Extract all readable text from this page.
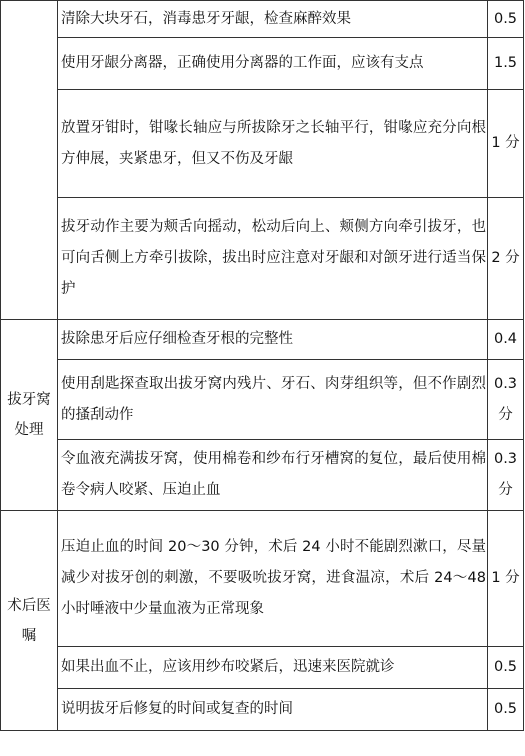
	清除大块牙石，消毒患牙牙龈，检查麻醉效果	0.5
	使用牙龈分离器，正确使用分离器的工作面，应该有支点	1.5
	放置牙钳时，钳喙长轴应与所拔除牙之长轴平行，钳喙应充分向根方伸展，夹紧患牙，但又不伤及牙龈	1 分
	拔牙动作主要为颊舌向摇动，松动后向上、颊侧方向牵引拔牙，也可向舌侧上方牵引拔除，拔出时应注意对牙龈和对颌牙进行适当保护	2 分
拔牙窝处理	拔除患牙后应仔细检查牙根的完整性	0.4
	使用刮匙探查取出拔牙窝内残片、牙石、肉芽组织等，但不作剧烈的搔刮动作	0.3 分
	令血液充满拔牙窝，使用棉卷和纱布行牙槽窝的复位，最后使用棉卷令病人咬紧、压迫止血	0.3 分
术后医嘱	压迫止血的时间 20～30 分钟，术后 24 小时不能剧烈漱口，尽量减少对拔牙创的刺激，不要吸吮拔牙窝，进食温凉，术后 24～48 小时唾液中少量血液为正常现象	1 分
	如果出血不止，应该用纱布咬紧后，迅速来医院就诊	0.5
	说明拔牙后修复的时间或复查的时间	0.5
